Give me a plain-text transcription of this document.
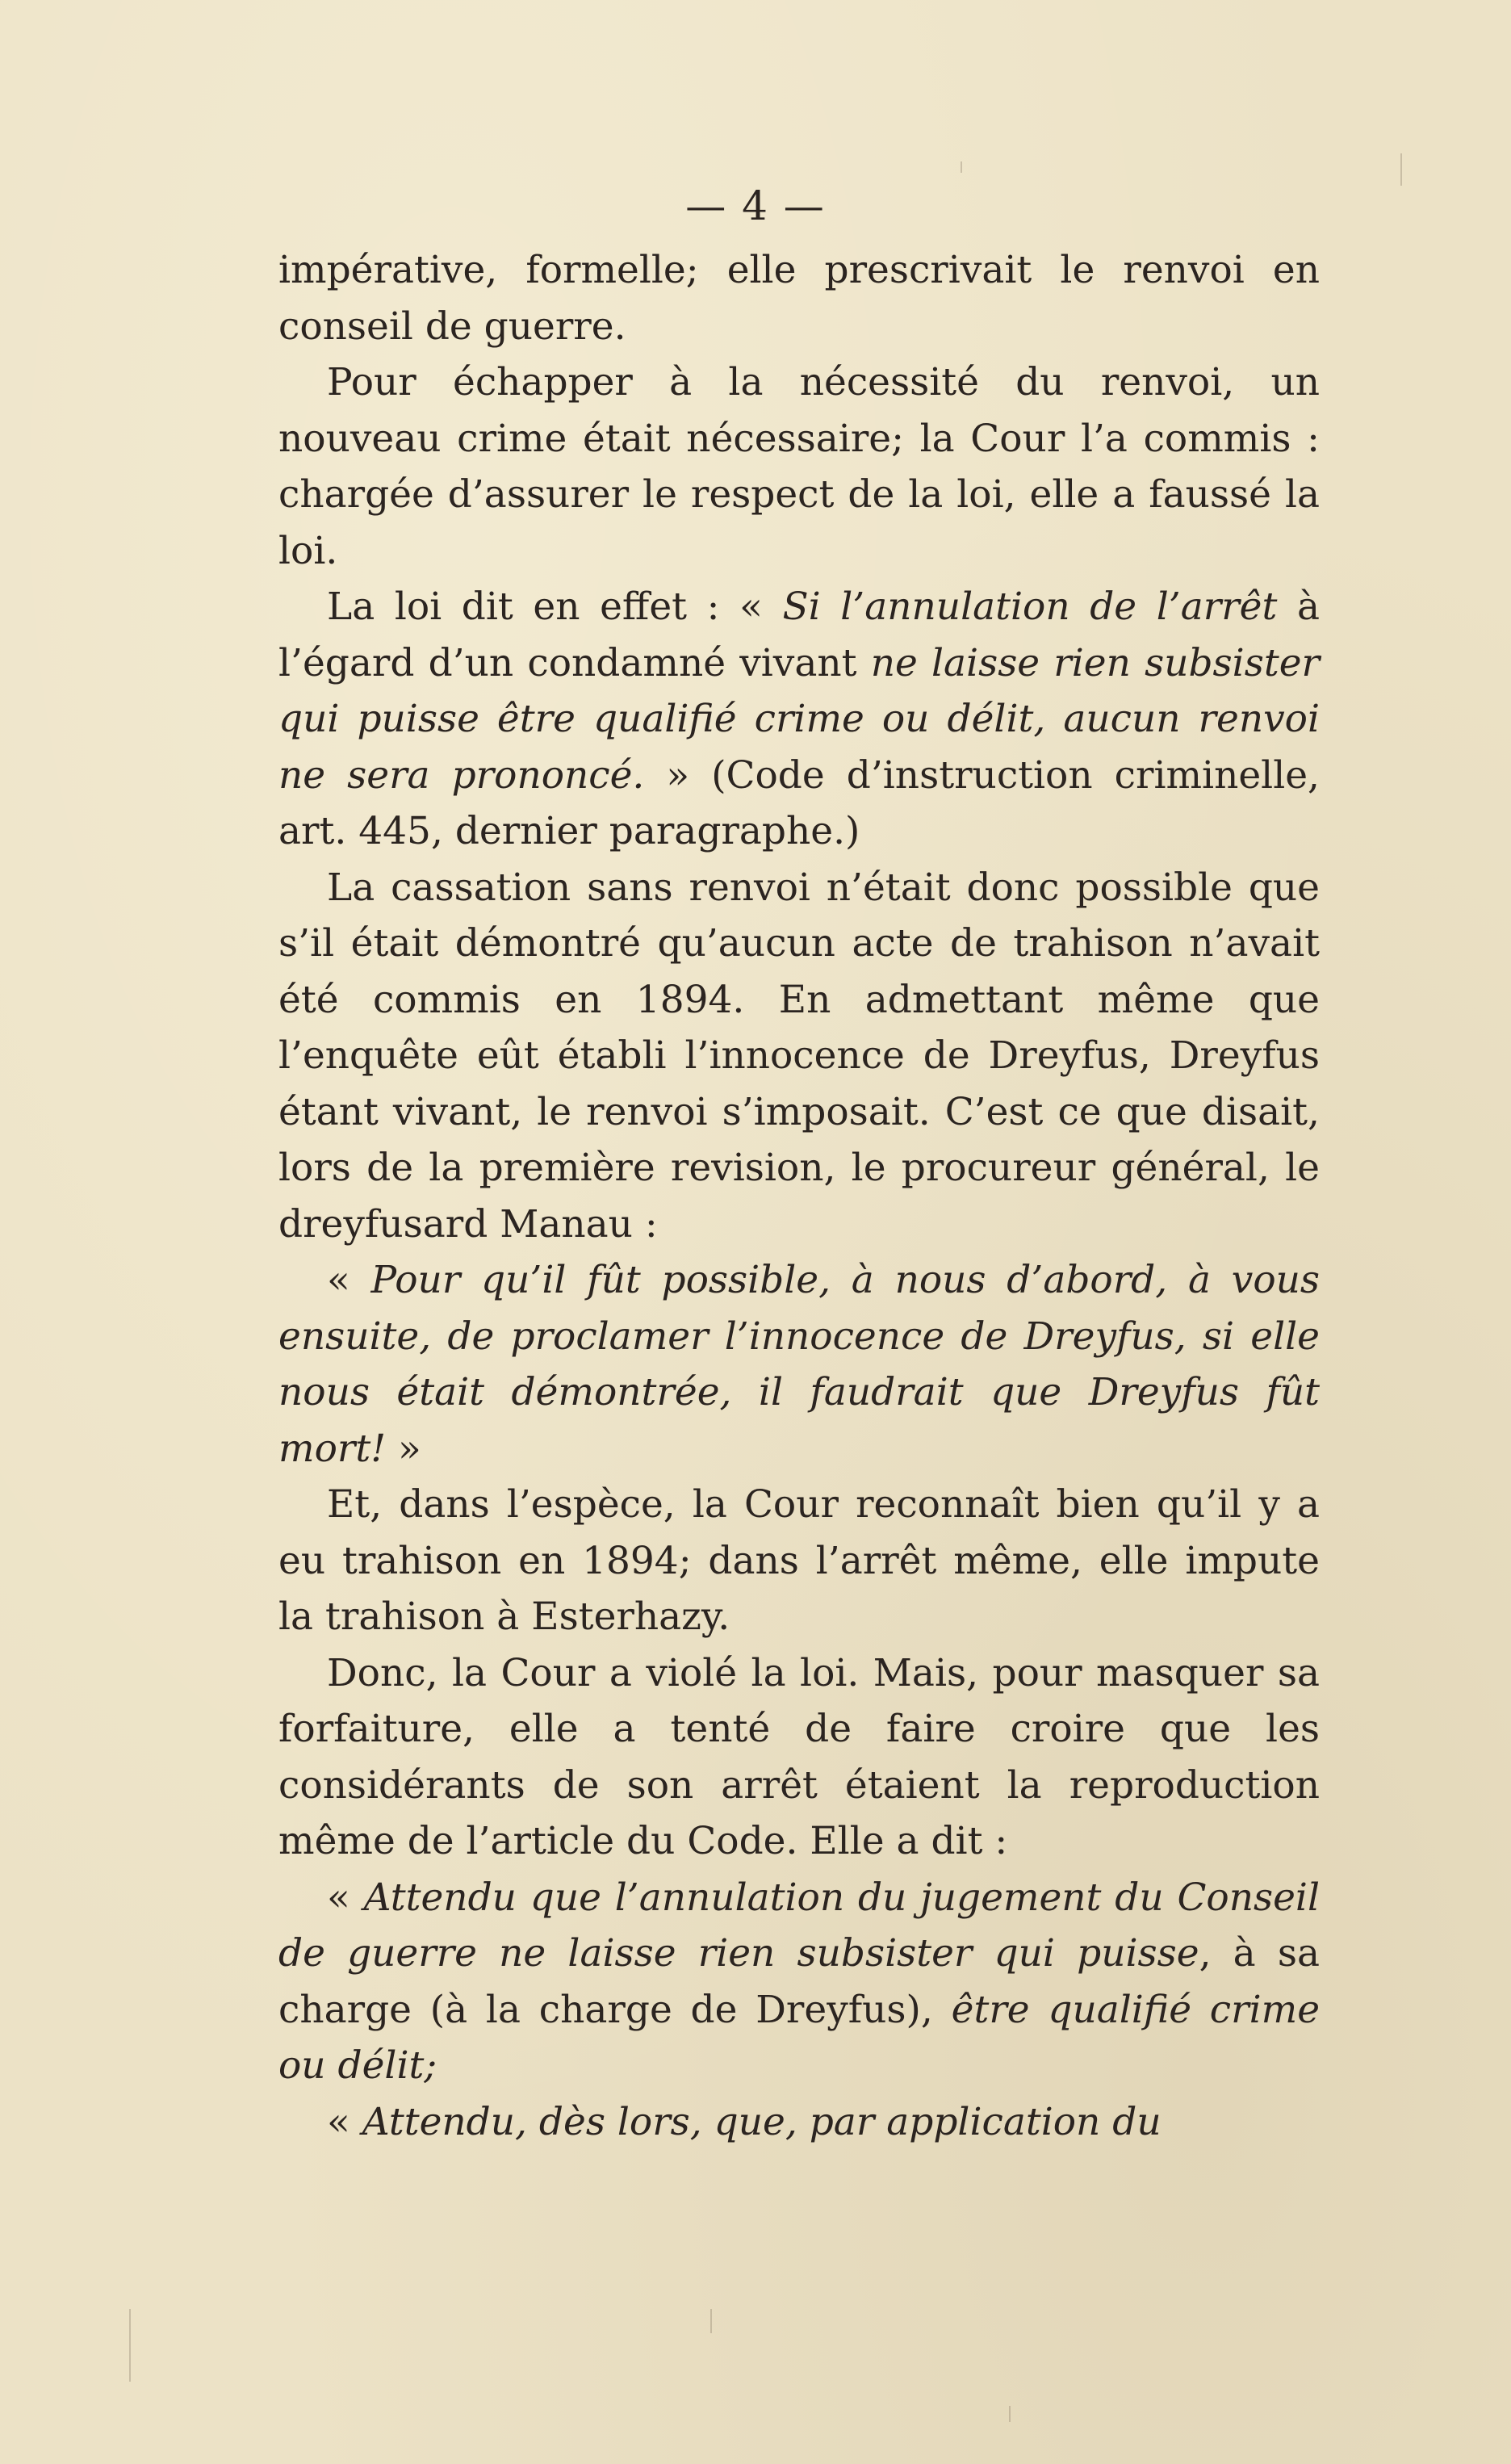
— 4 —

impérative, formelle; elle prescrivait le renvoi en conseil de guerre.

Pour échapper à la nécessité du renvoi, un nouveau crime était nécessaire; la Cour l’a commis : chargée d’assurer le respect de la loi, elle a faussé la loi.

La loi dit en effet : « Si l’annulation de l’arrêt à l’égard d’un condamné vivant ne laisse rien subsister qui puisse être qualifié crime ou délit, aucun renvoi ne sera prononcé. » (Code d’instruction criminelle, art. 445, dernier paragraphe.)

La cassation sans renvoi n’était donc possible que s’il était démontré qu’aucun acte de trahison n’avait été commis en 1894. En admettant même que l’enquête eût établi l’innocence de Dreyfus, Dreyfus étant vivant, le renvoi s’imposait. C’est ce que disait, lors de la première revision, le procureur général, le dreyfusard Manau :

« Pour qu’il fût possible, à nous d’abord, à vous ensuite, de proclamer l’innocence de Dreyfus, si elle nous était démontrée, il faudrait que Dreyfus fût mort! »

Et, dans l’espèce, la Cour reconnaît bien qu’il y a eu trahison en 1894; dans l’arrêt même, elle impute la trahison à Esterhazy.

Donc, la Cour a violé la loi. Mais, pour masquer sa forfaiture, elle a tenté de faire croire que les considérants de son arrêt étaient la reproduction même de l’article du Code. Elle a dit :

« Attendu que l’annulation du jugement du Conseil de guerre ne laisse rien subsister qui puisse, à sa charge (à la charge de Dreyfus), être qualifié crime ou délit;

« Attendu, dès lors, que, par application du
